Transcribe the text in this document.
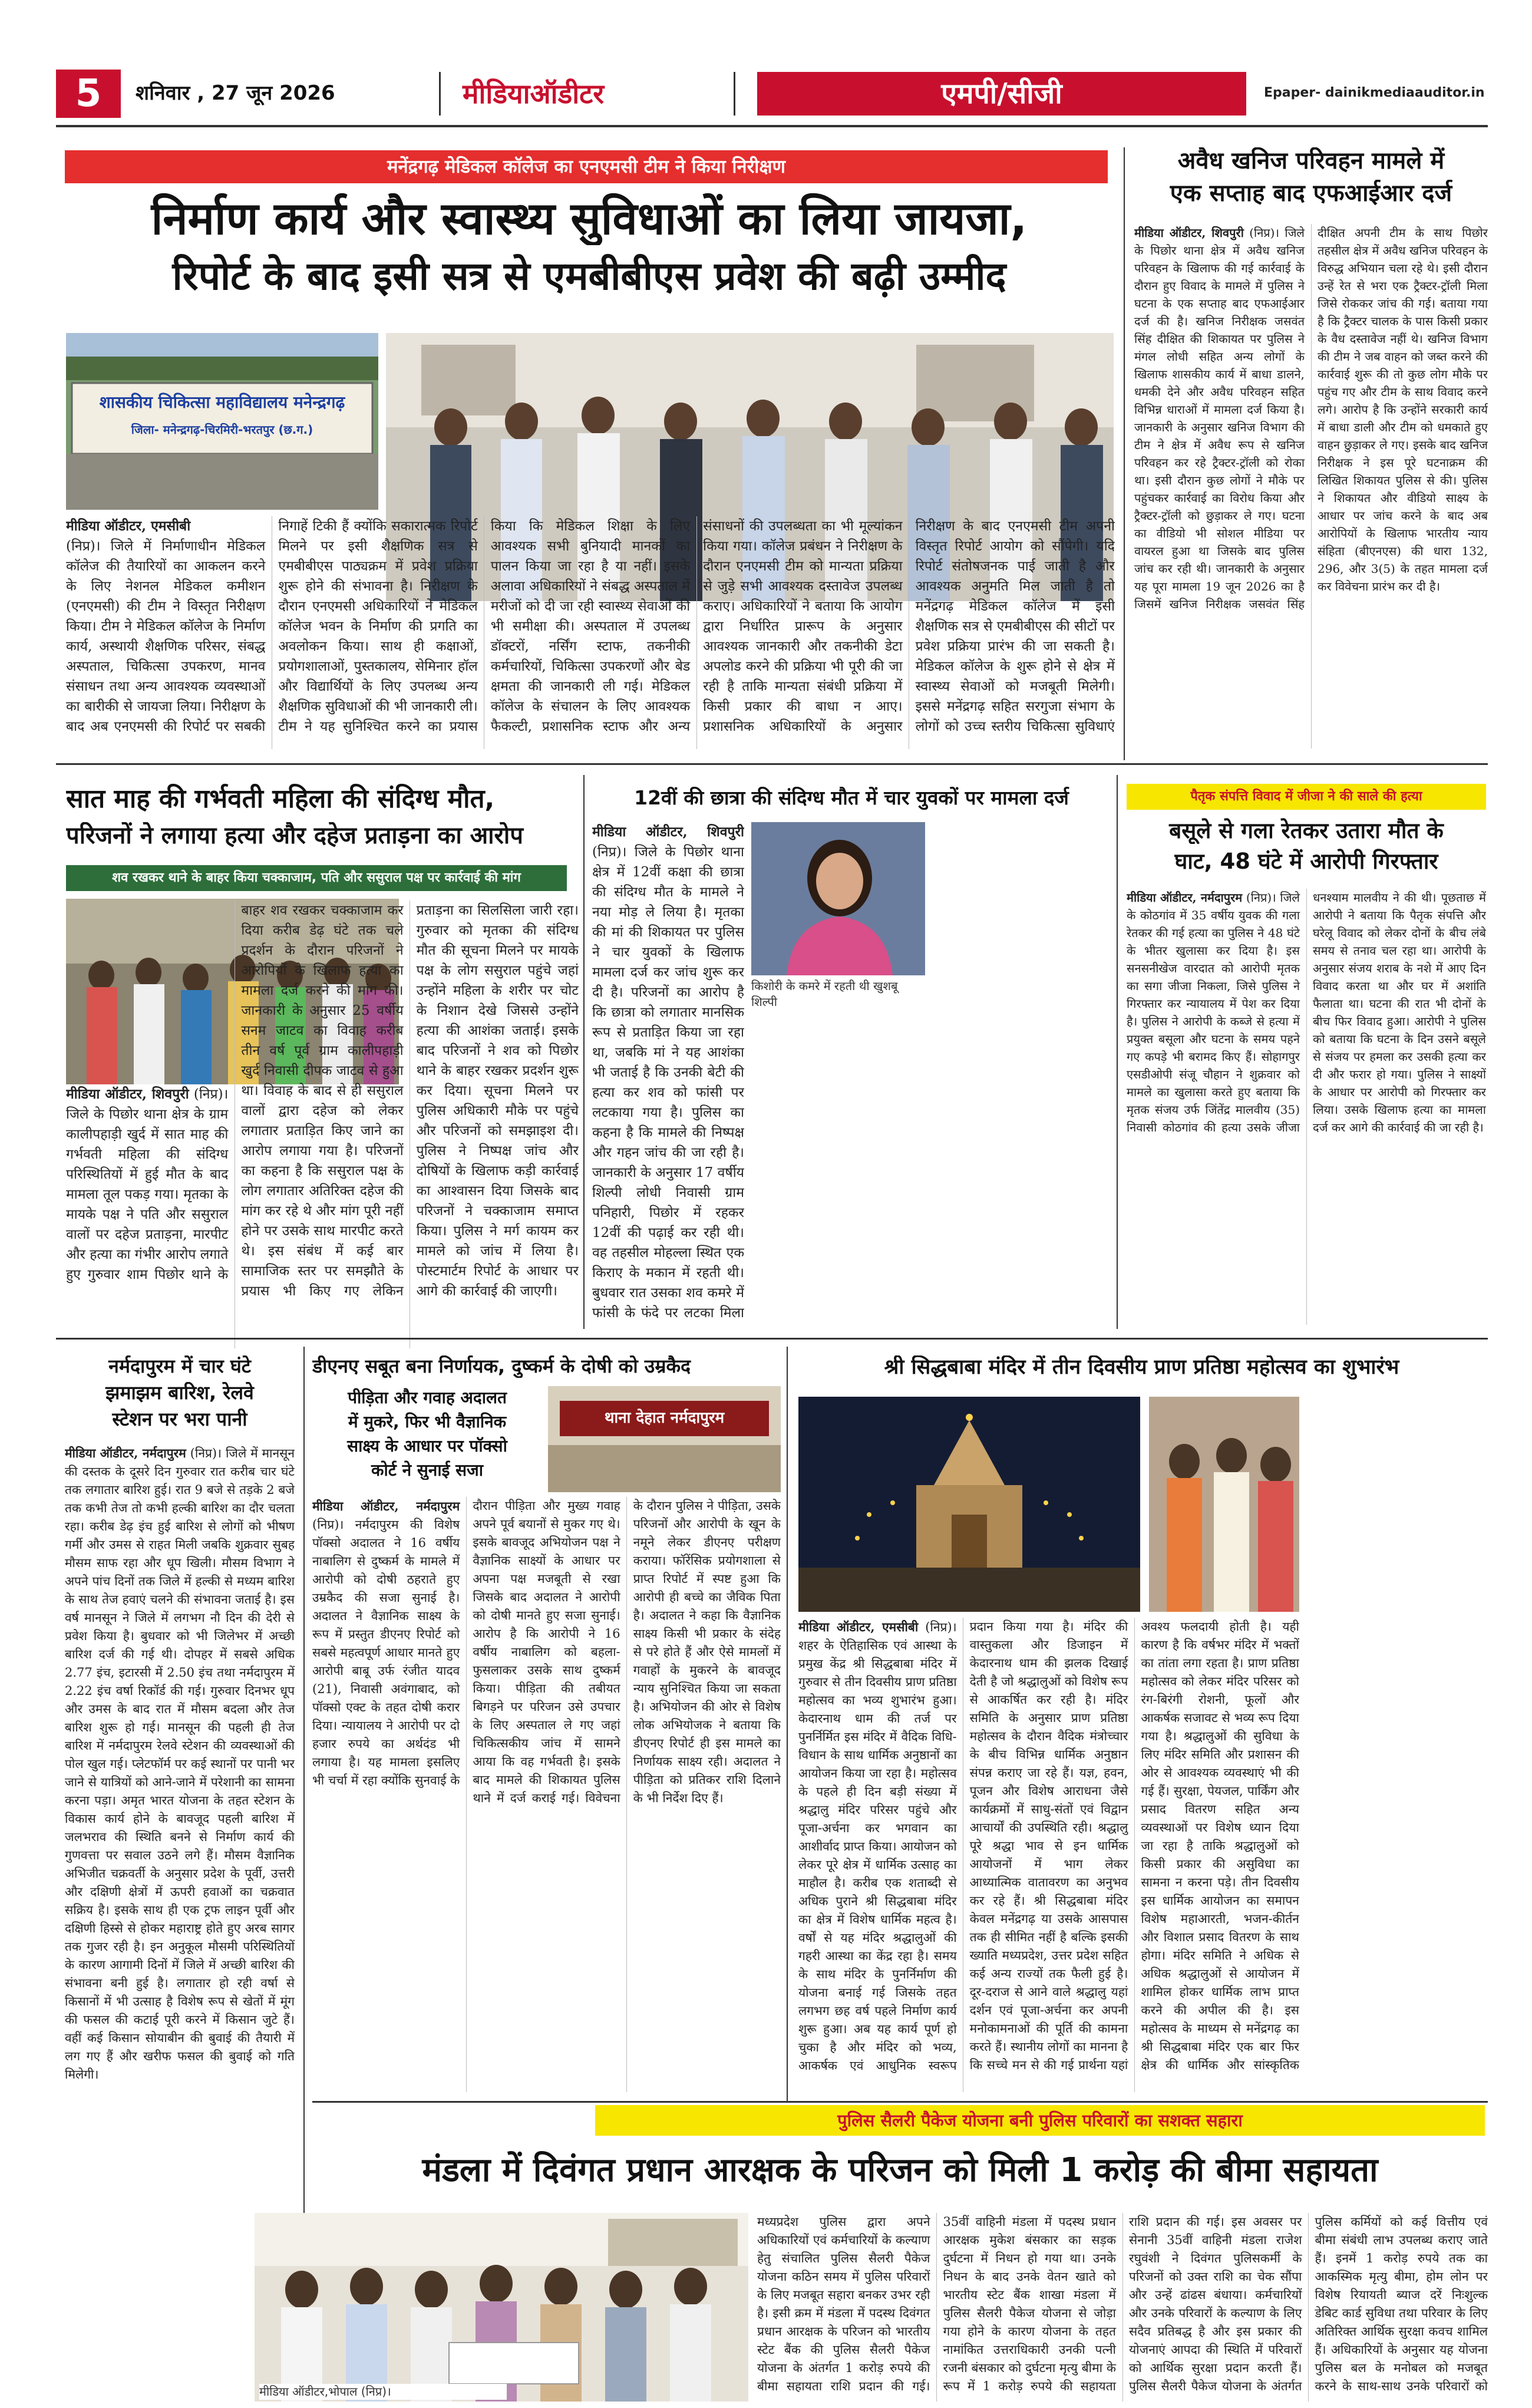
5	शनिवार , 27 जून 2026	मीडियाऑडीटर	एमपी/सीजी	Epaper- dainikmediaauditor.in
मनेंद्रगढ़ मेडिकल कॉलेज का एनएमसी टीम ने किया निरीक्षण
निर्माण कार्य और स्वास्थ्य सुविधाओं का लिया जायजा,
रिपोर्ट के बाद इसी सत्र से एमबीबीएस प्रवेश की बढ़ी उम्मीद
शासकीय चिकित्सा महाविद्यालय मनेन्द्रगढ़
जिला- मनेन्द्रगढ़-चिरमिरी-भरतपुर (छ.ग.)
मीडिया ऑडीटर, एमसीबी
(निप्र)। जिले में निर्माणाधीन मेडिकल कॉलेज की तैयारियों का आकलन करने के लिए नेशनल मेडिकल कमीशन (एनएमसी) की टीम ने विस्तृत निरीक्षण किया। टीम ने मेडिकल कॉलेज के निर्माण कार्य, अस्थायी शैक्षणिक परिसर, संबद्ध अस्पताल, चिकित्सा उपकरण, मानव संसाधन तथा अन्य आवश्यक व्यवस्थाओं का बारीकी से जायजा लिया। निरीक्षण के बाद अब एनएमसी की रिपोर्ट पर सबकी निगाहें टिकी हैं क्योंकि सकारात्मक रिपोर्ट मिलने पर इसी शैक्षणिक सत्र से एमबीबीएस पाठ्यक्रम में प्रवेश प्रक्रिया शुरू होने की संभावना है। निरीक्षण के दौरान एनएमसी अधिकारियों ने मेडिकल कॉलेज भवन के निर्माण की प्रगति का अवलोकन किया। साथ ही कक्षाओं, प्रयोगशालाओं, पुस्तकालय, सेमिनार हॉल और विद्यार्थियों के लिए उपलब्ध अन्य शैक्षणिक सुविधाओं की भी जानकारी ली। टीम ने यह सुनिश्चित करने का प्रयास किया कि मेडिकल शिक्षा के लिए आवश्यक सभी बुनियादी मानकों का पालन किया जा रहा है या नहीं। इसके अलावा अधिकारियों ने संबद्ध अस्पताल में मरीजों को दी जा रही स्वास्थ्य सेवाओं की भी समीक्षा की। अस्पताल में उपलब्ध डॉक्टरों, नर्सिंग स्टाफ, तकनीकी कर्मचारियों, चिकित्सा उपकरणों और बेड क्षमता की जानकारी ली गई। मेडिकल कॉलेज के संचालन के लिए आवश्यक फैकल्टी, प्रशासनिक स्टाफ और अन्य संसाधनों की उपलब्धता का भी मूल्यांकन किया गया। कॉलेज प्रबंधन ने निरीक्षण के दौरान एनएमसी टीम को मान्यता प्रक्रिया से जुड़े सभी आवश्यक दस्तावेज उपलब्ध कराए। अधिकारियों ने बताया कि आयोग द्वारा निर्धारित प्रारूप के अनुसार आवश्यक जानकारी और तकनीकी डेटा अपलोड करने की प्रक्रिया भी पूरी की जा रही है ताकि मान्यता संबंधी प्रक्रिया में किसी प्रकार की बाधा न आए। प्रशासनिक अधिकारियों के अनुसार निरीक्षण के बाद एनएमसी टीम अपनी विस्तृत रिपोर्ट आयोग को सौंपेगी। यदि रिपोर्ट संतोषजनक पाई जाती है और आवश्यक अनुमति मिल जाती है तो मनेंद्रगढ़ मेडिकल कॉलेज में इसी शैक्षणिक सत्र से एमबीबीएस की सीटों पर प्रवेश प्रक्रिया प्रारंभ की जा सकती है। मेडिकल कॉलेज के शुरू होने से क्षेत्र में स्वास्थ्य सेवाओं को मजबूती मिलेगी। इससे मनेंद्रगढ़ सहित सरगुजा संभाग के लोगों को उच्च स्तरीय चिकित्सा सुविधाएं
अवैध खनिज परिवहन मामले में
एक सप्ताह बाद एफआईआर दर्ज
मीडिया ऑडीटर, शिवपुरी (निप्र)। जिले के पिछोर थाना क्षेत्र में अवैध खनिज परिवहन के खिलाफ की गई कार्रवाई के दौरान हुए विवाद के मामले में पुलिस ने घटना के एक सप्ताह बाद एफआईआर दर्ज की है। खनिज निरीक्षक जसवंत सिंह दीक्षित की शिकायत पर पुलिस ने मंगल लोधी सहित अन्य लोगों के खिलाफ शासकीय कार्य में बाधा डालने, धमकी देने और अवैध परिवहन सहित विभिन्न धाराओं में मामला दर्ज किया है। जानकारी के अनुसार खनिज विभाग की टीम ने क्षेत्र में अवैध रूप से खनिज परिवहन कर रहे ट्रैक्टर-ट्रॉली को रोका था। इसी दौरान कुछ लोगों ने मौके पर पहुंचकर कार्रवाई का विरोध किया और ट्रैक्टर-ट्रॉली को छुड़ाकर ले गए। घटना का वीडियो भी सोशल मीडिया पर वायरल हुआ था जिसके बाद पुलिस जांच कर रही थी। जानकारी के अनुसार यह पूरा मामला 19 जून 2026 का है जिसमें खनिज निरीक्षक जसवंत सिंह दीक्षित अपनी टीम के साथ पिछोर तहसील क्षेत्र में अवैध खनिज परिवहन के विरुद्ध अभियान चला रहे थे। इसी दौरान उन्हें रेत से भरा एक ट्रैक्टर-ट्रॉली मिला जिसे रोककर जांच की गई। बताया गया है कि ट्रैक्टर चालक के पास किसी प्रकार के वैध दस्तावेज नहीं थे। खनिज विभाग की टीम ने जब वाहन को जब्त करने की कार्रवाई शुरू की तो कुछ लोग मौके पर पहुंच गए और टीम के साथ विवाद करने लगे। आरोप है कि उन्होंने सरकारी कार्य में बाधा डाली और टीम को धमकाते हुए वाहन छुड़ाकर ले गए। इसके बाद खनिज निरीक्षक ने इस पूरे घटनाक्रम की लिखित शिकायत पुलिस से की। पुलिस ने शिकायत और वीडियो साक्ष्य के आधार पर जांच करने के बाद अब आरोपियों के खिलाफ भारतीय न्याय संहिता (बीएनएस) की धारा 132, 296, और 3(5) के तहत मामला दर्ज कर विवेचना प्रारंभ कर दी है।
सात माह की गर्भवती महिला की संदिग्ध मौत,
परिजनों ने लगाया हत्या और दहेज प्रताड़ना का आरोप
शव रखकर थाने के बाहर किया चक्काजाम, पति और ससुराल पक्ष पर कार्रवाई की मांग
मीडिया ऑडीटर, शिवपुरी (निप्र)। जिले के पिछोर थाना क्षेत्र के ग्राम कालीपहाड़ी खुर्द में सात माह की गर्भवती महिला की संदिग्ध परिस्थितियों में हुई मौत के बाद मामला तूल पकड़ गया। मृतका के मायके पक्ष ने पति और ससुराल वालों पर दहेज प्रताड़ना, मारपीट और हत्या का गंभीर आरोप लगाते हुए गुरुवार शाम पिछोर थाने के बाहर शव रखकर चक्काजाम कर दिया करीब डेढ़ घंटे तक चले प्रदर्शन के दौरान परिजनों ने आरोपियों के खिलाफ हत्या का मामला दर्ज करने की मांग की। जानकारी के अनुसार 25 वर्षीय सनम जाटव का विवाह करीब तीन वर्ष पूर्व ग्राम कालीपहाड़ी खुर्द निवासी दीपक जाटव से हुआ था। विवाह के बाद से ही ससुराल वालों द्वारा दहेज को लेकर लगातार प्रताड़ित किए जाने का आरोप लगाया गया है। परिजनों का कहना है कि ससुराल पक्ष के लोग लगातार अतिरिक्त दहेज की मांग कर रहे थे और मांग पूरी नहीं होने पर उसके साथ मारपीट करते थे। इस संबंध में कई बार सामाजिक स्तर पर समझौते के प्रयास भी किए गए लेकिन प्रताड़ना का सिलसिला जारी रहा। गुरुवार को मृतका की संदिग्ध मौत की सूचना मिलने पर मायके पक्ष के लोग ससुराल पहुंचे जहां उन्होंने महिला के शरीर पर चोट के निशान देखे जिससे उन्होंने हत्या की आशंका जताई। इसके बाद परिजनों ने शव को पिछोर थाने के बाहर रखकर प्रदर्शन शुरू कर दिया। सूचना मिलने पर पुलिस अधिकारी मौके पर पहुंचे और परिजनों को समझाइश दी। पुलिस ने निष्पक्ष जांच और दोषियों के खिलाफ कड़ी कार्रवाई का आश्वासन दिया जिसके बाद परिजनों ने चक्काजाम समाप्त किया। पुलिस ने मर्ग कायम कर मामले को जांच में लिया है। पोस्टमार्टम रिपोर्ट के आधार पर आगे की कार्रवाई की जाएगी।
12वीं की छात्रा की संदिग्ध मौत में चार युवकों पर मामला दर्ज
किशोरी के कमरे में रहती थी खुशबू शिल्पी
मीडिया ऑडीटर, शिवपुरी (निप्र)। जिले के पिछोर थाना क्षेत्र में 12वीं कक्षा की छात्रा की संदिग्ध मौत के मामले ने नया मोड़ ले लिया है। मृतका की मां की शिकायत पर पुलिस ने चार युवकों के खिलाफ मामला दर्ज कर जांच शुरू कर दी है। परिजनों का आरोप है कि छात्रा को लगातार मानसिक रूप से प्रताड़ित किया जा रहा था, जबकि मां ने यह आशंका भी जताई है कि उनकी बेटी की हत्या कर शव को फांसी पर लटकाया गया है। पुलिस का कहना है कि मामले की निष्पक्ष और गहन जांच की जा रही है। जानकारी के अनुसार 17 वर्षीय शिल्पी लोधी निवासी ग्राम पनिहारी, पिछोर में रहकर 12वीं की पढ़ाई कर रही थी। वह तहसील मोहल्ला स्थित एक किराए के मकान में रहती थी। बुधवार रात उसका शव कमरे में फांसी के फंदे पर लटका मिला
पैतृक संपत्ति विवाद में जीजा ने की साले की हत्या
बसूले से गला रेतकर उतारा मौत के
घाट, 48 घंटे में आरोपी गिरफ्तार
मीडिया ऑडीटर, नर्मदापुरम (निप्र)। जिले के कोठगांव में 35 वर्षीय युवक की गला रेतकर की गई हत्या का पुलिस ने 48 घंटे के भीतर खुलासा कर दिया है। इस सनसनीखेज वारदात को आरोपी मृतक का सगा जीजा निकला, जिसे पुलिस ने गिरफ्तार कर न्यायालय में पेश कर दिया है। पुलिस ने आरोपी के कब्जे से हत्या में प्रयुक्त बसूला और घटना के समय पहने गए कपड़े भी बरामद किए हैं। सोहागपुर एसडीओपी संजू चौहान ने शुक्रवार को मामले का खुलासा करते हुए बताया कि मृतक संजय उर्फ जिंतेंद्र मालवीय (35) निवासी कोठगांव की हत्या उसके जीजा धनश्याम मालवीय ने की थी। पूछताछ में आरोपी ने बताया कि पैतृक संपत्ति और घरेलू विवाद को लेकर दोनों के बीच लंबे समय से तनाव चल रहा था। आरोपी के अनुसार संजय शराब के नशे में आए दिन विवाद करता था और घर में अशांति फैलाता था। घटना की रात भी दोनों के बीच फिर विवाद हुआ। आरोपी ने पुलिस को बताया कि घटना के दिन उसने बसूले से संजय पर हमला कर उसकी हत्या कर दी और फरार हो गया। पुलिस ने साक्ष्यों के आधार पर आरोपी को गिरफ्तार कर लिया। उसके खिलाफ हत्या का मामला दर्ज कर आगे की कार्रवाई की जा रही है।
नर्मदापुरम में चार घंटे
झमाझम बारिश, रेलवे
स्टेशन पर भरा पानी
मीडिया ऑडीटर, नर्मदापुरम (निप्र)। जिले में मानसून की दस्तक के दूसरे दिन गुरुवार रात करीब चार घंटे तक लगातार बारिश हुई। रात 9 बजे से तड़के 2 बजे तक कभी तेज तो कभी हल्की बारिश का दौर चलता रहा। करीब डेढ़ इंच हुई बारिश से लोगों को भीषण गर्मी और उमस से राहत मिली जबकि शुक्रवार सुबह मौसम साफ रहा और धूप खिली। मौसम विभाग ने अपने पांच दिनों तक जिले में हल्की से मध्यम बारिश के साथ तेज हवाएं चलने की संभावना जताई है। इस वर्ष मानसून ने जिले में लगभग नौ दिन की देरी से प्रवेश किया है। बुधवार को भी जिलेभर में अच्छी बारिश दर्ज की गई थी। दोपहर में सबसे अधिक 2.77 इंच, इटारसी में 2.50 इंच तथा नर्मदापुरम में 2.22 इंच वर्षा रिकॉर्ड की गई। गुरुवार दिनभर धूप और उमस के बाद रात में मौसम बदला और तेज बारिश शुरू हो गई। मानसून की पहली ही तेज बारिश में नर्मदापुरम रेलवे स्टेशन की व्यवस्थाओं की पोल खुल गई। प्लेटफॉर्म पर कई स्थानों पर पानी भर जाने से यात्रियों को आने-जाने में परेशानी का सामना करना पड़ा। अमृत भारत योजना के तहत स्टेशन के विकास कार्य होने के बावजूद पहली बारिश में जलभराव की स्थिति बनने से निर्माण कार्य की गुणवत्ता पर सवाल उठने लगे हैं। मौसम वैज्ञानिक अभिजीत चक्रवर्ती के अनुसार प्रदेश के पूर्वी, उत्तरी और दक्षिणी क्षेत्रों में ऊपरी हवाओं का चक्रवात सक्रिय है। इसके साथ ही एक ट्रफ लाइन पूर्वी और दक्षिणी हिस्से से होकर महाराष्ट्र होते हुए अरब सागर तक गुजर रही है। इन अनुकूल मौसमी परिस्थितियों के कारण आगामी दिनों में जिले में अच्छी बारिश की संभावना बनी हुई है। लगातार हो रही वर्षा से किसानों में भी उत्साह है विशेष रूप से खेतों में मूंग की फसल की कटाई पूरी करने में किसान जुटे हैं। वहीं कई किसान सोयाबीन की बुवाई की तैयारी में लग गए हैं और खरीफ फसल की बुवाई को गति मिलेगी।
डीएनए सबूत बना निर्णायक, दुष्कर्म के दोषी को उम्रकैद
पीड़िता और गवाह अदालत
में मुकरे, फिर भी वैज्ञानिक
साक्ष्य के आधार पर पॉक्सो
कोर्ट ने सुनाई सजा
थाना देहात नर्मदापुरम
मीडिया ऑडीटर, नर्मदापुरम (निप्र)। नर्मदापुरम की विशेष पॉक्सो अदालत ने 16 वर्षीय नाबालिग से दुष्कर्म के मामले में आरोपी को दोषी ठहराते हुए उम्रकैद की सजा सुनाई है। अदालत ने वैज्ञानिक साक्ष्य के रूप में प्रस्तुत डीएनए रिपोर्ट को सबसे महत्वपूर्ण आधार मानते हुए आरोपी बाबू उर्फ रंजीत यादव (21), निवासी अवंगाबाद, को पॉक्सो एक्ट के तहत दोषी करार दिया। न्यायालय ने आरोपी पर दो हजार रुपये का अर्थदंड भी लगाया है। यह मामला इसलिए भी चर्चा में रहा क्योंकि सुनवाई के दौरान पीड़िता और मुख्य गवाह अपने पूर्व बयानों से मुकर गए थे। इसके बावजूद अभियोजन पक्ष ने वैज्ञानिक साक्ष्यों के आधार पर अपना पक्ष मजबूती से रखा जिसके बाद अदालत ने आरोपी को दोषी मानते हुए सजा सुनाई। आरोप है कि आरोपी ने 16 वर्षीय नाबालिग को बहला-फुसलाकर उसके साथ दुष्कर्म किया। पीड़िता की तबीयत बिगड़ने पर परिजन उसे उपचार के लिए अस्पताल ले गए जहां चिकित्सकीय जांच में सामने आया कि वह गर्भवती है। इसके बाद मामले की शिकायत पुलिस थाने में दर्ज कराई गई। विवेचना के दौरान पुलिस ने पीड़िता, उसके परिजनों और आरोपी के खून के नमूने लेकर डीएनए परीक्षण कराया। फॉरेंसिक प्रयोगशाला से प्राप्त रिपोर्ट में स्पष्ट हुआ कि आरोपी ही बच्चे का जैविक पिता है। अदालत ने कहा कि वैज्ञानिक साक्ष्य किसी भी प्रकार के संदेह से परे होते हैं और ऐसे मामलों में गवाहों के मुकरने के बावजूद न्याय सुनिश्चित किया जा सकता है। अभियोजन की ओर से विशेष लोक अभियोजक ने बताया कि डीएनए रिपोर्ट ही इस मामले का निर्णायक साक्ष्य रही। अदालत ने पीड़िता को प्रतिकर राशि दिलाने के भी निर्देश दिए हैं।
श्री सिद्धबाबा मंदिर में तीन दिवसीय प्राण प्रतिष्ठा महोत्सव का शुभारंभ
मीडिया ऑडीटर, एमसीबी (निप्र)। शहर के ऐतिहासिक एवं आस्था के प्रमुख केंद्र श्री सिद्धबाबा मंदिर में गुरुवार से तीन दिवसीय प्राण प्रतिष्ठा महोत्सव का भव्य शुभारंभ हुआ। केदारनाथ धाम की तर्ज पर पुनर्निर्मित इस मंदिर में वैदिक विधि-विधान के साथ धार्मिक अनुष्ठानों का आयोजन किया जा रहा है। महोत्सव के पहले ही दिन बड़ी संख्या में श्रद्धालु मंदिर परिसर पहुंचे और पूजा-अर्चना कर भगवान का आशीर्वाद प्राप्त किया। आयोजन को लेकर पूरे क्षेत्र में धार्मिक उत्साह का माहौल है। करीब एक शताब्दी से अधिक पुराने श्री सिद्धबाबा मंदिर का क्षेत्र में विशेष धार्मिक महत्व है। वर्षों से यह मंदिर श्रद्धालुओं की गहरी आस्था का केंद्र रहा है। समय के साथ मंदिर के पुनर्निर्माण की योजना बनाई गई जिसके तहत लगभग छह वर्ष पहले निर्माण कार्य शुरू हुआ। अब यह कार्य पूर्ण हो चुका है और मंदिर को भव्य, आकर्षक एवं आधुनिक स्वरूप प्रदान किया गया है। मंदिर की वास्तुकला और डिजाइन में केदारनाथ धाम की झलक दिखाई देती है जो श्रद्धालुओं को विशेष रूप से आकर्षित कर रही है। मंदिर समिति के अनुसार प्राण प्रतिष्ठा महोत्सव के दौरान वैदिक मंत्रोच्चार के बीच विभिन्न धार्मिक अनुष्ठान संपन्न कराए जा रहे हैं। यज्ञ, हवन, पूजन और विशेष आराधना जैसे कार्यक्रमों में साधु-संतों एवं विद्वान आचार्यों की उपस्थिति रही। श्रद्धालु पूरे श्रद्धा भाव से इन धार्मिक आयोजनों में भाग लेकर आध्यात्मिक वातावरण का अनुभव कर रहे हैं। श्री सिद्धबाबा मंदिर केवल मनेंद्रगढ़ या उसके आसपास तक ही सीमित नहीं है बल्कि इसकी ख्याति मध्यप्रदेश, उत्तर प्रदेश सहित कई अन्य राज्यों तक फैली हुई है। दूर-दराज से आने वाले श्रद्धालु यहां दर्शन एवं पूजा-अर्चना कर अपनी मनोकामनाओं की पूर्ति की कामना करते हैं। स्थानीय लोगों का मानना है कि सच्चे मन से की गई प्रार्थना यहां अवश्य फलदायी होती है। यही कारण है कि वर्षभर मंदिर में भक्तों का तांता लगा रहता है। प्राण प्रतिष्ठा महोत्सव को लेकर मंदिर परिसर को रंग-बिरंगी रोशनी, फूलों और आकर्षक सजावट से भव्य रूप दिया गया है। श्रद्धालुओं की सुविधा के लिए मंदिर समिति और प्रशासन की ओर से आवश्यक व्यवस्थाएं भी की गई हैं। सुरक्षा, पेयजल, पार्किंग और प्रसाद वितरण सहित अन्य व्यवस्थाओं पर विशेष ध्यान दिया जा रहा है ताकि श्रद्धालुओं को किसी प्रकार की असुविधा का सामना न करना पड़े। तीन दिवसीय इस धार्मिक आयोजन का समापन विशेष महाआरती, भजन-कीर्तन और विशाल प्रसाद वितरण के साथ होगा। मंदिर समिति ने अधिक से अधिक श्रद्धालुओं से आयोजन में शामिल होकर धार्मिक लाभ प्राप्त करने की अपील की है। इस महोत्सव के माध्यम से मनेंद्रगढ़ का श्री सिद्धबाबा मंदिर एक बार फिर क्षेत्र की धार्मिक और सांस्कृतिक
पुलिस सैलरी पैकेज योजना बनी पुलिस परिवारों का सशक्त सहारा
मंडला में दिवंगत प्रधान आरक्षक के परिजन को मिली 1 करोड़ की बीमा सहायता
मीडिया ऑडीटर,भोपाल (निप्र)।
मध्यप्रदेश पुलिस द्वारा अपने अधिकारियों एवं कर्मचारियों के कल्याण हेतु संचालित पुलिस सैलरी पैकेज योजना कठिन समय में पुलिस परिवारों के लिए मजबूत सहारा बनकर उभर रही है। इसी क्रम में मंडला में पदस्थ दिवंगत प्रधान आरक्षक के परिजन को भारतीय स्टेट बैंक की पुलिस सैलरी पैकेज योजना के अंतर्गत 1 करोड़ रुपये की बीमा सहायता राशि प्रदान की गई। 35वीं वाहिनी मंडला में पदस्थ प्रधान आरक्षक मुकेश बंसकार का सड़क दुर्घटना में निधन हो गया था। उनके निधन के बाद उनके वेतन खाते को भारतीय स्टेट बैंक शाखा मंडला में पुलिस सैलरी पैकेज योजना से जोड़ा गया होने के कारण योजना के तहत नामांकित उत्तराधिकारी उनकी पत्नी रजनी बंसकार को दुर्घटना मृत्यु बीमा के रूप में 1 करोड़ रुपये की सहायता राशि प्रदान की गई। इस अवसर पर सेनानी 35वीं वाहिनी मंडला राजेश रघुवंशी ने दिवंगत पुलिसकर्मी के परिजनों को उक्त राशि का चेक सौंपा और उन्हें ढांढस बंधाया। कर्मचारियों और उनके परिवारों के कल्याण के लिए सदैव प्रतिबद्ध है और इस प्रकार की योजनाएं आपदा की स्थिति में परिवारों को आर्थिक सुरक्षा प्रदान करती हैं। पुलिस सैलरी पैकेज योजना के अंतर्गत पुलिस कर्मियों को कई वित्तीय एवं बीमा संबंधी लाभ उपलब्ध कराए जाते हैं। इनमें 1 करोड़ रुपये तक का आकस्मिक मृत्यु बीमा, होम लोन पर विशेष रियायती ब्याज दरें निःशुल्क डेबिट कार्ड सुविधा तथा परिवार के लिए अतिरिक्त आर्थिक सुरक्षा कवच शामिल हैं। अधिकारियों के अनुसार यह योजना पुलिस बल के मनोबल को मजबूत करने के साथ-साथ उनके परिवारों को
